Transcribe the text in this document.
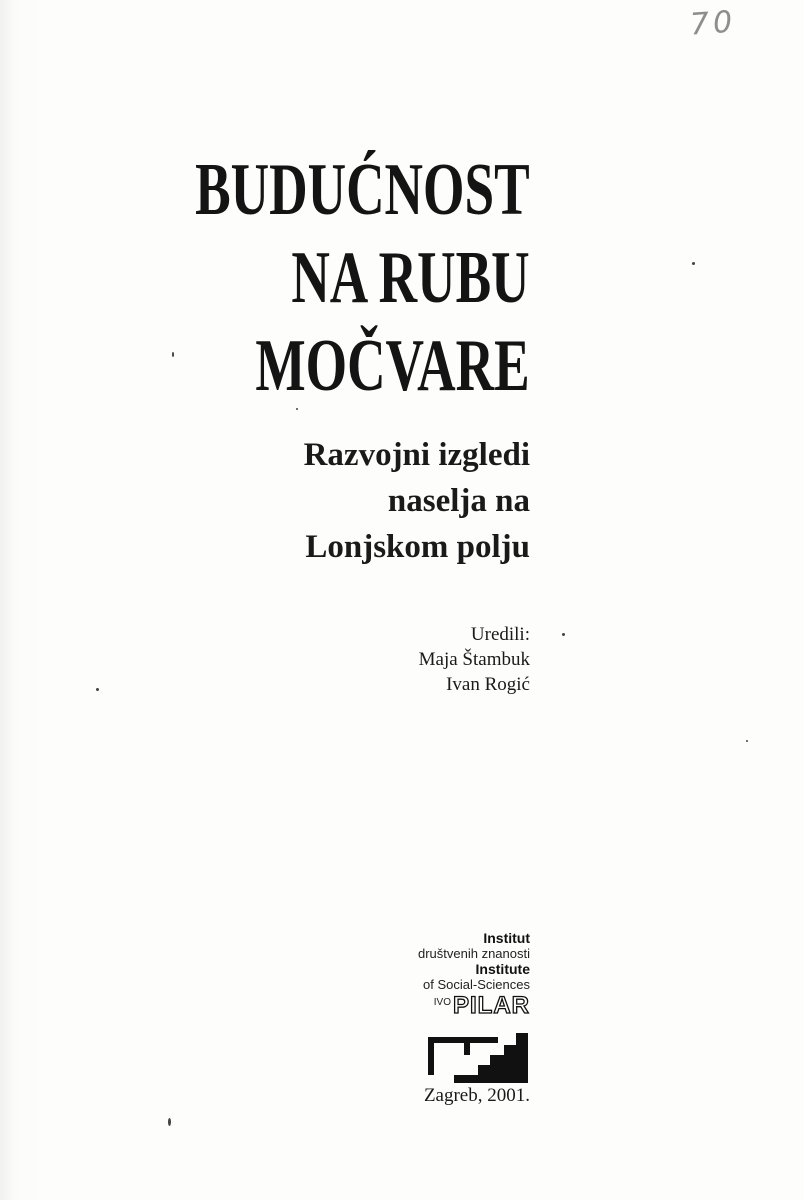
70
BUDUĆNOST
NA RUBU
MOČVARE
Razvojni izgledi
naselja na
Lonjskom polju
Uredili:
Maja Štambuk
Ivan Rogić
Institut
društvenih znanosti
Institute
of Social-Sciences
IVO PILAR
Zagreb, 2001.
